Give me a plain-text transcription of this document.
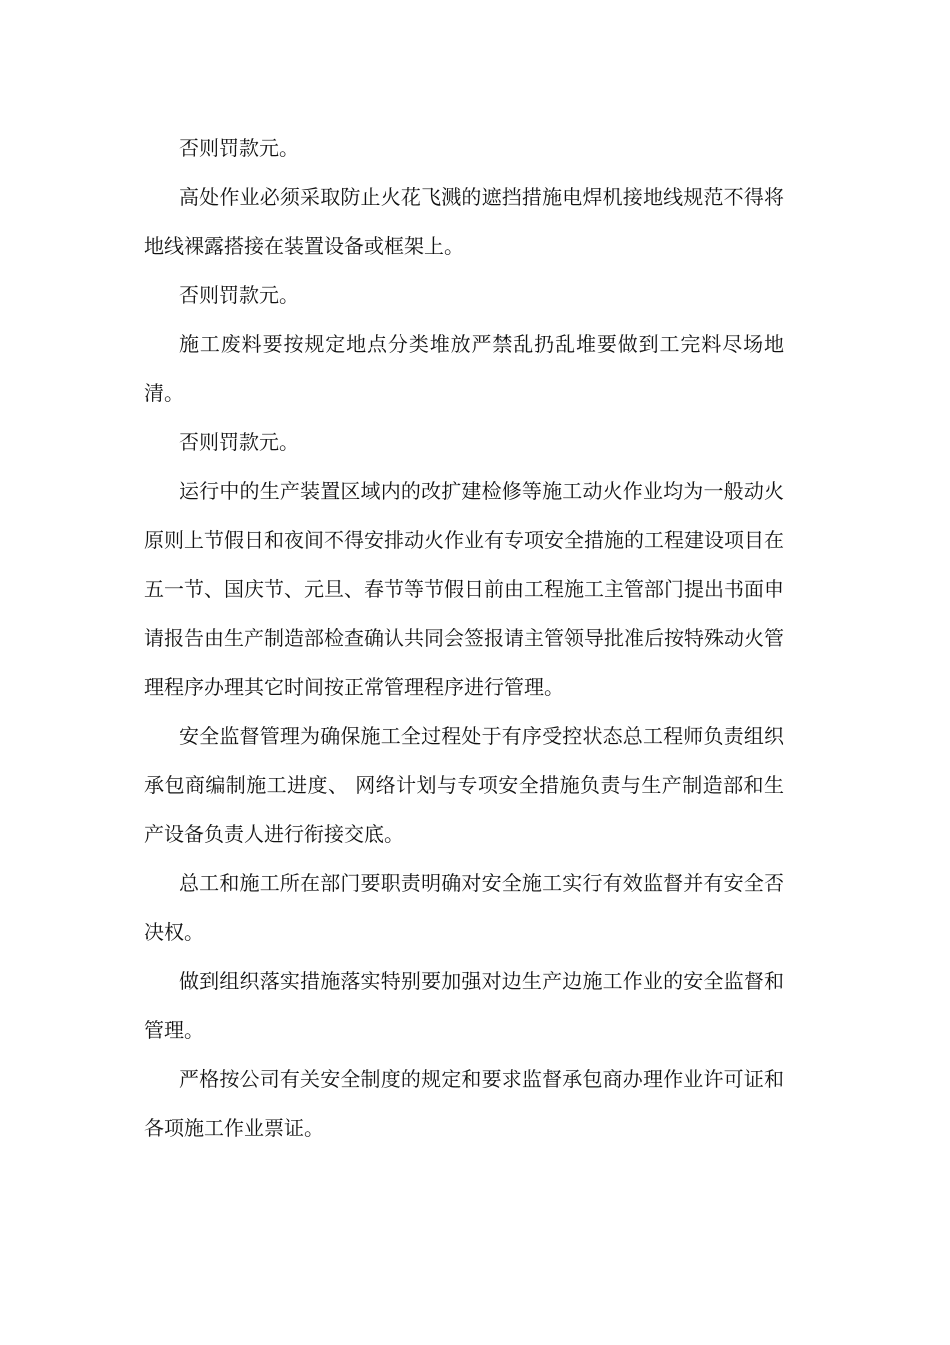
否则罚款元。

高处作业必须采取防止火花飞溅的遮挡措施电焊机接地线规范不得将地线裸露搭接在装置设备或框架上。

否则罚款元。

施工废料要按规定地点分类堆放严禁乱扔乱堆要做到工完料尽场地清。

否则罚款元。

运行中的生产装置区域内的改扩建检修等施工动火作业均为一般动火原则上节假日和夜间不得安排动火作业有专项安全措施的工程建设项目在五一节、国庆节、元旦、春节等节假日前由工程施工主管部门提出书面申请报告由生产制造部检查确认共同会签报请主管领导批准后按特殊动火管理程序办理其它时间按正常管理程序进行管理。

安全监督管理为确保施工全过程处于有序受控状态总工程师负责组织承包商编制施工进度、 网络计划与专项安全措施负责与生产制造部和生产设备负责人进行衔接交底。

总工和施工所在部门要职责明确对安全施工实行有效监督并有安全否决权。

做到组织落实措施落实特别要加强对边生产边施工作业的安全监督和管理。

严格按公司有关安全制度的规定和要求监督承包商办理作业许可证和各项施工作业票证。
